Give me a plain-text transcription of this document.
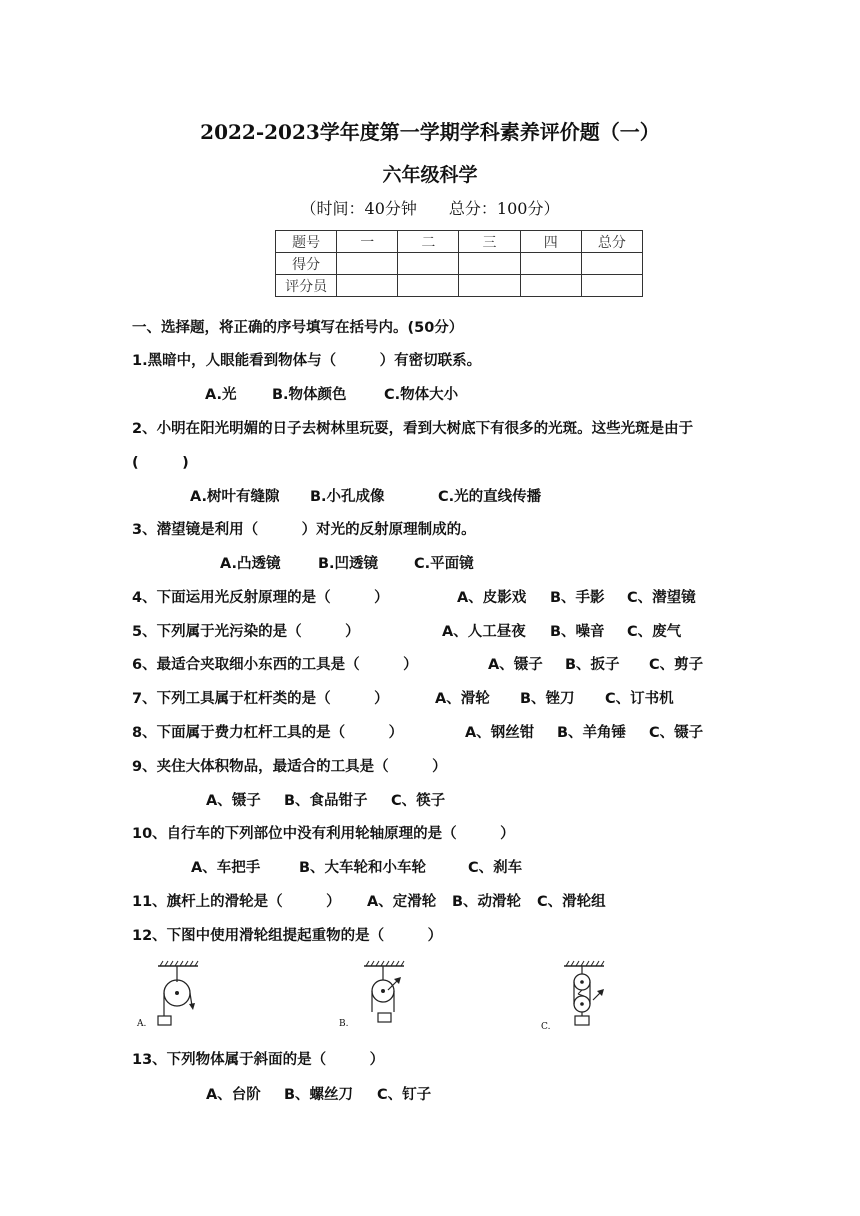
2022-2023学年度第一学期学科素养评价题（一）
六年级科学
（时间：40分钟　　总分：100分）
题号	一	二	三	四	总分
得分					
评分员					
一、选择题，将正确的序号填写在括号内。(50分）
1.黑暗中，人眼能看到物体与（　　　）有密切联系。
A.光 B.物体颜色	C.物体大小
2、小明在阳光明媚的日子去树林里玩耍，看到大树底下有很多的光斑。这些光斑是由于
(　　　)
A.树叶有缝隙 B.小孔成像	C.光的直线传播
3、潜望镜是利用（　　　）对光的反射原理制成的。
A.凸透镜	B.凹透镜 C.平面镜
4、下面运用光反射原理的是（　　　）	A、皮影戏 B、手影 C、潜望镜
5、下列属于光污染的是（　　　）	A、人工昼夜 B、噪音 C、废气
6、最适合夹取细小东西的工具是（　　　）	A、镊子 B、扳子 C、剪子
7、下列工具属于杠杆类的是（　　　）	A、滑轮 B、锉刀 C、订书机
8、下面属于费力杠杆工具的是（　　　）	A、钢丝钳 B、羊角锤 C、镊子
9、夹住大体积物品，最适合的工具是（　　　）
A、镊子 B、食品钳子 C、筷子
10、自行车的下列部位中没有利用轮轴原理的是（　　　）
A、车把手	B、大车轮和小车轮	C、刹车
11、旗杆上的滑轮是（　　　） A、定滑轮 B、动滑轮 C、滑轮组
12、下图中使用滑轮组提起重物的是（　　　）
A.	B.	C.
13、下列物体属于斜面的是（　　　）
A、台阶 B、螺丝刀 C、钉子
